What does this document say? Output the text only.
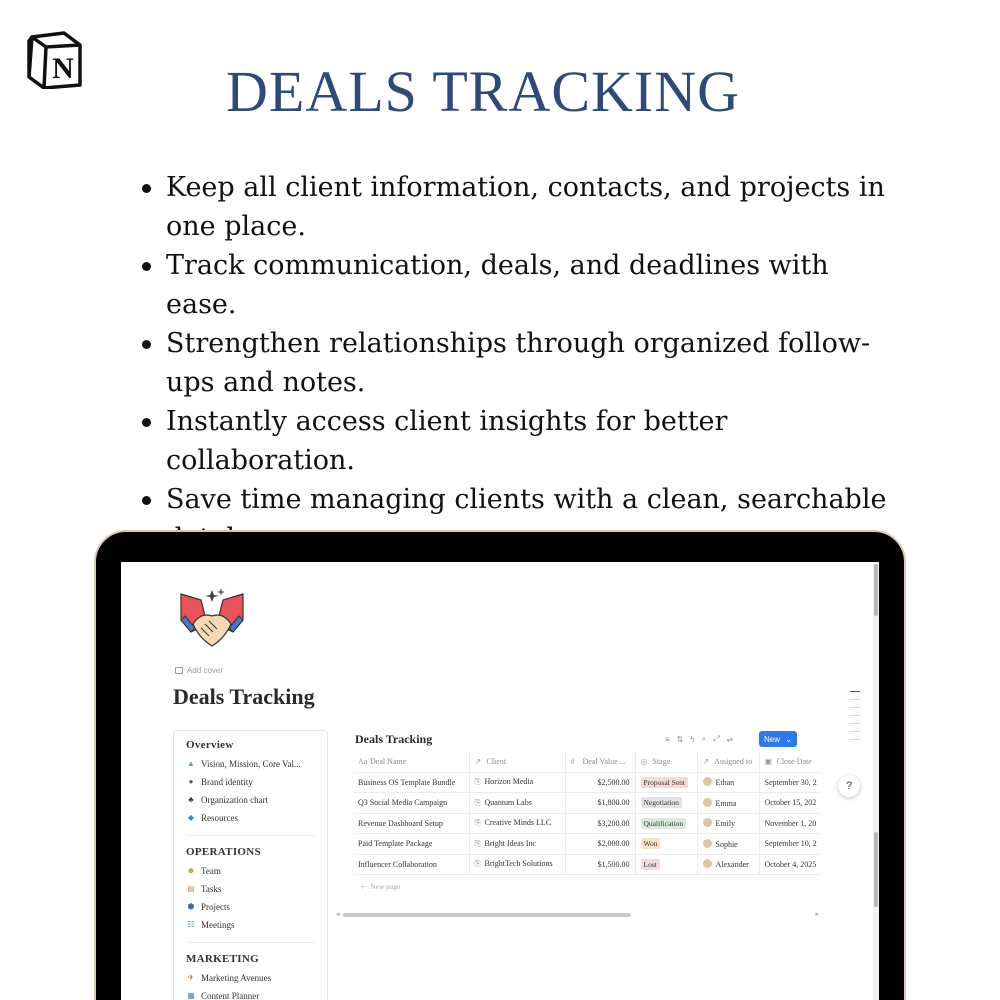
N	DEALS TRACKING
Keep all client information, contacts, and projects in one place.
Track communication, deals, and deadlines with ease.
Strengthen relationships through organized follow-ups and notes.
Instantly access client insights for better collaboration.
Save time managing clients with a clean, searchable
Add cover
Deals Tracking
Overview
▲ Vision, Mission, Core Val...
● Brand identity
♣ Organization chart
◆ Resources
OPERATIONS
☻ Team
▤ Tasks
⬢ Projects
☷ Meetings
MARKETING
✈ Marketing Avenues
▦ Content Planner
Deals Tracking	≡ ⇅ ϟ ⌕ ⤢ ⇌	New ⌄
Aa Deal Name	↗ Client	# Deal Value ...	◎ Stage	↗ Assigned to	▣ Close Date
Business OS Template Bundle	⎘ Horizon Media	$2,500.00	Proposal Sent	Ethan	September 30, 2
Q3 Social Media Campaign	⎘ Quantum Labs	$1,800.00	Negotiation	Emma	October 15, 202
Revenue Dashboard Setup	⎘ Creative Minds LLC	$3,200.00	Qualification	Emily	November 1, 20
Paid Template Package	⎘ Bright Ideas Inc	$2,000.00	Won	Sophie	September 10, 2
Influencer Collaboration	⎘ BrightTech Solutions	$1,500.00	Lost	Alexander	October 4, 2025
＋  New page
◂	▸
?
